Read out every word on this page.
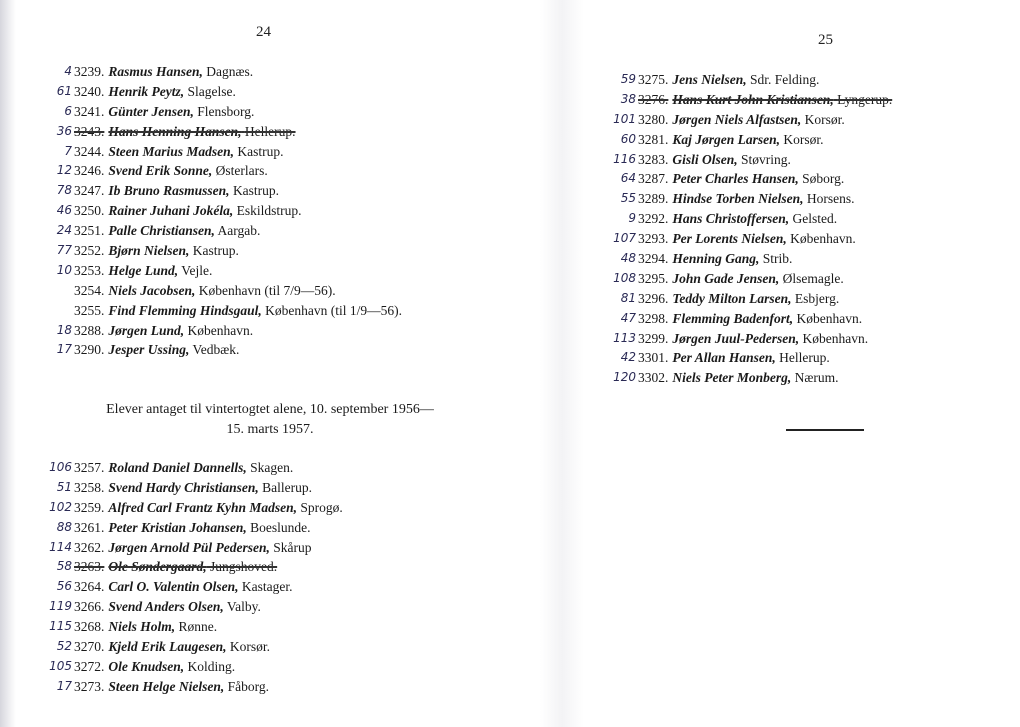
24
4 3239. Rasmus Hansen, Dagnæs.
61 3240. Henrik Peytz, Slagelse.
6 3241. Günter Jensen, Flensborg.
36 3243. Hans Henning Hansen, Hellerup.
7 3244. Steen Marius Madsen, Kastrup.
12 3246. Svend Erik Sonne, Østerlars.
78 3247. Ib Bruno Rasmussen, Kastrup.
46 3250. Rainer Juhani Jokéla, Eskildstrup.
24 3251. Palle Christiansen, Aargab.
77 3252. Bjørn Nielsen, Kastrup.
10 3253. Helge Lund, Vejle.
3254. Niels Jacobsen, København (til 7/9—56).
3255. Find Flemming Hindsgaul, København (til 1/9—56).
18 3288. Jørgen Lund, København.
17 3290. Jesper Ussing, Vedbæk.
Elever antaget til vintertogtet alene, 10. september 1956—
15. marts 1957.
106 3257. Roland Daniel Dannells, Skagen.
51 3258. Svend Hardy Christiansen, Ballerup.
102 3259. Alfred Carl Frantz Kyhn Madsen, Sprogø.
88 3261. Peter Kristian Johansen, Boeslunde.
114 3262. Jørgen Arnold Pül Pedersen, Skårup
58 3263. Ole Søndergaard, Jungshoved.
56 3264. Carl O. Valentin Olsen, Kastager.
119 3266. Svend Anders Olsen, Valby.
115 3268. Niels Holm, Rønne.
52 3270. Kjeld Erik Laugesen, Korsør.
105 3272. Ole Knudsen, Kolding.
17 3273. Steen Helge Nielsen, Fåborg.
25
59 3275. Jens Nielsen, Sdr. Felding.
38 3276. Hans Kurt John Kristiansen, Lyngerup.
101 3280. Jørgen Niels Alfastsen, Korsør.
60 3281. Kaj Jørgen Larsen, Korsør.
116 3283. Gisli Olsen, Støvring.
64 3287. Peter Charles Hansen, Søborg.
55 3289. Hindse Torben Nielsen, Horsens.
9 3292. Hans Christoffersen, Gelsted.
107 3293. Per Lorents Nielsen, København.
48 3294. Henning Gang, Strib.
108 3295. John Gade Jensen, Ølsemagle.
81 3296. Teddy Milton Larsen, Esbjerg.
47 3298. Flemming Badenfort, København.
113 3299. Jørgen Juul-Pedersen, København.
42 3301. Per Allan Hansen, Hellerup.
120 3302. Niels Peter Monberg, Nærum.
